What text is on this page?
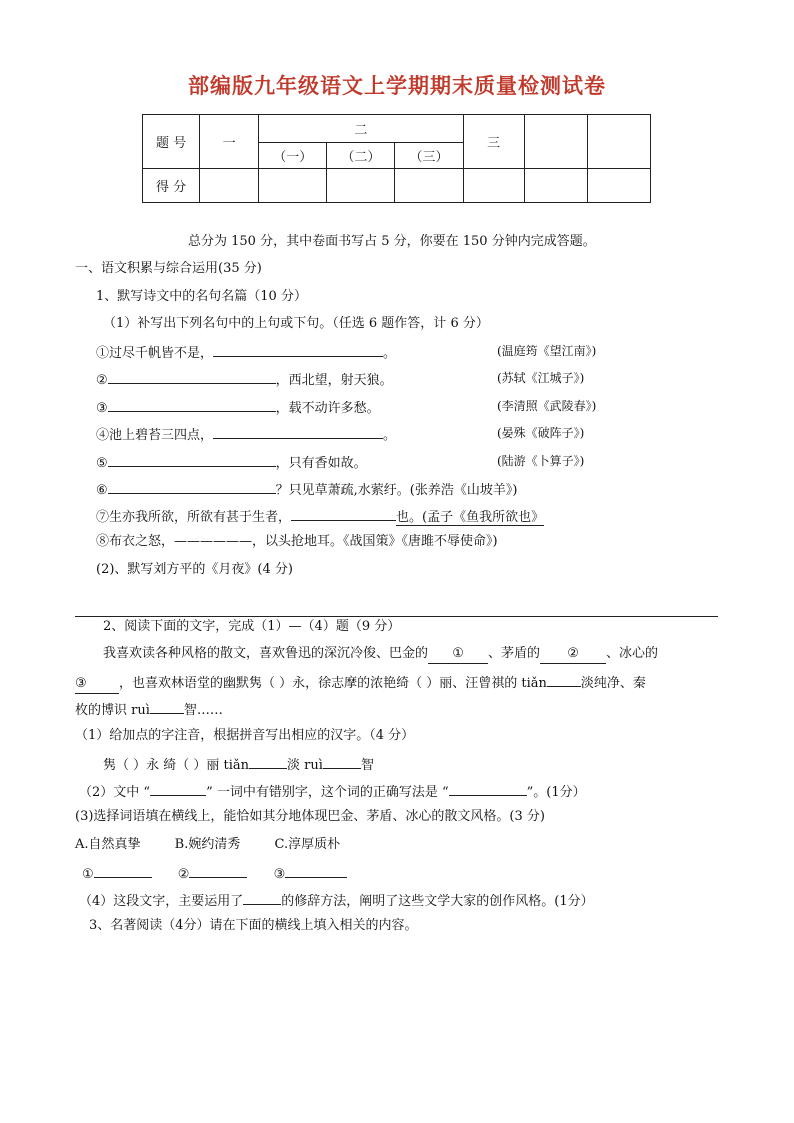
部编版九年级语文上学期期末质量检测试卷
题 号	一	二			三		
		（一）	（二）	（三）			
得 分							
总分为 150 分，其中卷面书写占 5 分，你要在 150 分钟内完成答题。
一、语文积累与综合运用(35 分)
1、默写诗文中的名句名篇（10 分）
（1）补写出下列名句中的上句或下句。（任选 6 题作答，计 6 分）
①过尽千帆皆不是，	。	(温庭筠《望江南》)
②	，西北望，射天狼。	(苏轼《江城子》)
③	，载不动许多愁。	(李清照《武陵春》)
④池上碧苔三四点，	。	(晏殊《破阵子》)
⑤	，只有香如故。	(陆游《卜算子》)
⑥	？只见草萧疏,水萦纡。(张养浩《山坡羊》)
⑦生亦我所欲，所欲有甚于生者，	也。(孟子《鱼我所欲也》
⑧布衣之怒，——————，以头抢地耳。《战国策》《唐雎不辱使命》)
(2)、默写刘方平的《月夜》(4 分)
2、阅读下面的文字，完成（1）—（4）题（9 分）
我喜欢读各种风格的散文，喜欢鲁迅的深沉冷俊、巴金的 ① 、茅盾的 ② 、冰心的
③ ，也喜欢林语堂的幽默隽（ ）永，徐志摩的浓艳绮（ ）丽、汪曾祺的 tiǎn	淡纯净、秦
枚的博识 ruì	智……
（1）给加点的字注音，根据拼音写出相应的汉字。（4 分）
隽（ ）永 绮（ ）丽 tiǎn	淡 ruì	智
（2）文中 “	” 一词中有错别字，这个词的正确写法是 “	”。(1分）
(3)选择词语填在横线上，能恰如其分地体现巴金、茅盾、冰心的散文风格。(3 分)
A.自然真挚	B.婉约清秀	C.淳厚质朴
①	②	③
（4）这段文字，主要运用了	的修辞方法，阐明了这些文学大家的创作风格。(1分）
3、名著阅读（4分）请在下面的横线上填入相关的内容。
